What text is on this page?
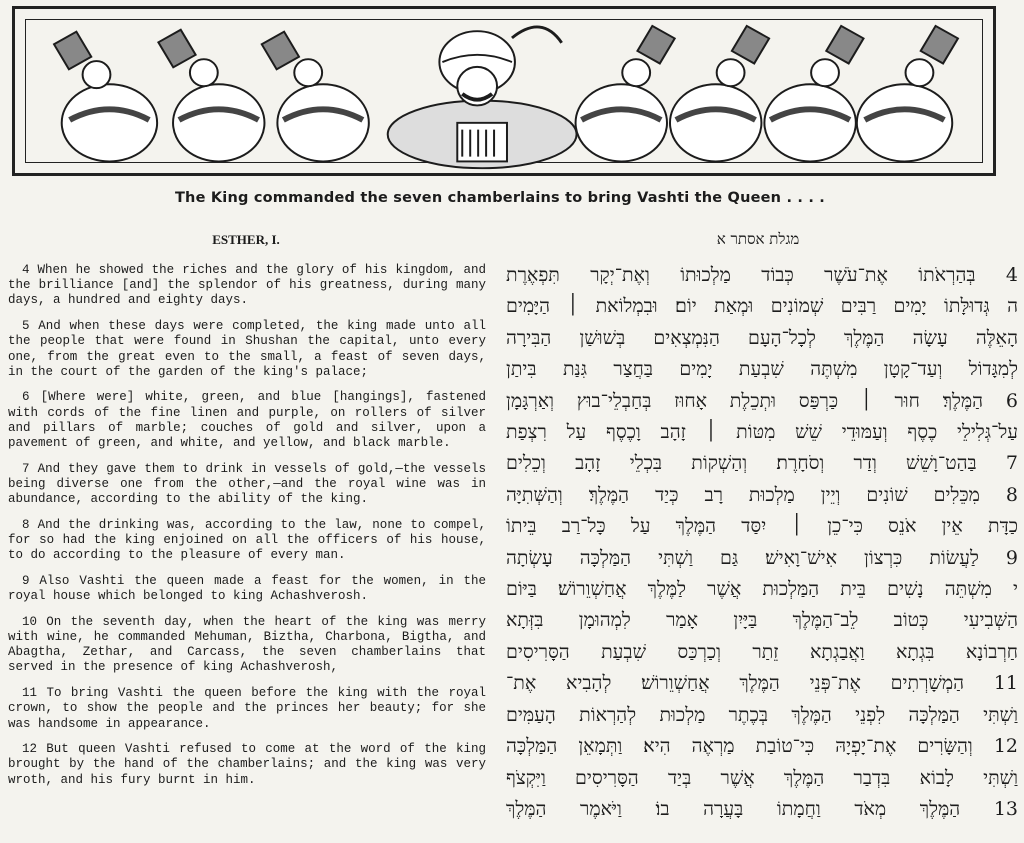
The King commanded the seven chamberlains to bring Vashti the Queen . . . .
ESTHER, I.	מגלת אסתר א

4 When he showed the riches and the glory of his kingdom, and the brilliance [and] the splendor of his greatness, during many days, a hundred and eighty days.

5 And when these days were completed, the king made unto all the people that were found in Shushan the capital, unto every one, from the great even to the small, a feast of seven days, in the court of the garden of the king's palace;

6 [Where were] white, green, and blue [hangings], fastened with cords of the fine linen and purple, on rollers of silver and pillars of marble; couches of gold and silver, upon a pavement of green, and white, and yellow, and black marble.

7 And they gave them to drink in vessels of gold,—the vessels being diverse one from the other,—and the royal wine was in abundance, according to the ability of the king.

8 And the drinking was, according to the law, none to compel, for so had the king enjoined on all the officers of his house, to do according to the pleasure of every man.

9 Also Vashti the queen made a feast for the women, in the royal house which belonged to king Achashverosh.

10 On the seventh day, when the heart of the king was merry with wine, he commanded Mehuman, Biztha, Charbona, Bigtha, and Abagtha, Zethar, and Carcass, the seven chamberlains that served in the presence of king Achashverosh,

11 To bring Vashti the queen before the king with the royal crown, to show the people and the princes her beauty; for she was handsome in appearance.

12 But queen Vashti refused to come at the word of the king brought by the hand of the chamberlains; and the king was very wroth, and his fury burnt in him.

4 בְּהַרְאֹתוֹ אֶת־עֹשֶׁר כְּבוֹד מַלְכוּתוֹ וְאֶת־יְקָר תִּפְאֶרֶת
ה גְּדוּלָּתוֹ יָמִים רַבִּים שְׁמוֹנִים וּמְאַת יוֹם׃ וּבִמְלוֹאת ׀ הַיָּמִים
הָאֵלֶּה עָשָׂה הַמֶּלֶךְ לְכָל־הָעָם הַנִּמְצְאִים בְּשׁוּשַׁן הַבִּירָה
לְמִגָּדוֹל וְעַד־קָטָן מִשְׁתֶּה שִׁבְעַת יָמִים בַּחֲצַר גִּנַּת בִּיתַן
6 הַמֶּלֶךְ׃ חוּר ׀ כַּרְפַּס וּתְכֵלֶת אָחוּז בְּחַבְלֵי־בוּץ וְאַרְגָּמָן
עַל־גְּלִילֵי כֶסֶף וְעַמּוּדֵי שֵׁשׁ מִטּוֹת ׀ זָהָב וָכֶסֶף עַל רִצְפַת
7 בַּהַט־וָשֵׁשׁ וְדַר וְסֹחָרֶת׃ וְהַשְׁקוֹת בִּכְלֵי זָהָב וְכֵלִים
8 מִכֵּלִים שׁוֹנִים וְיֵין מַלְכוּת רָב כְּיַד הַמֶּלֶךְ׃ וְהַשְּׁתִיָּה
כַדָּת אֵין אֹנֵס כִּי־כֵן ׀ יִסַּד הַמֶּלֶךְ עַל כָּל־רַב בֵּיתוֹ
9 לַעֲשׂוֹת כִּרְצוֹן אִישׁ־וָאִישׁ׃ גַּם וַשְׁתִּי הַמַּלְכָּה עָשְׂתָה
י מִשְׁתֵּה נָשִׁים בֵּית הַמַּלְכוּת אֲשֶׁר לַמֶּלֶךְ אֲחַשְׁוֵרוֹשׁ׃ בַּיּוֹם
הַשְּׁבִיעִי כְּטוֹב לֵב־הַמֶּלֶךְ בַּיָּיִן אָמַר לִמְהוּמָן בִּזְּתָא
חַרְבוֹנָא בִּגְתָא וַאֲבַגְתָא זֵתַר וְכַרְכַּס שִׁבְעַת הַסָּרִיסִים
11 הַמְשָׁרְתִים אֶת־פְּנֵי הַמֶּלֶךְ אֲחַשְׁוֵרוֹשׁ׃ לְהָבִיא אֶת־
וַשְׁתִּי הַמַּלְכָּה לִפְנֵי הַמֶּלֶךְ בְּכֶתֶר מַלְכוּת לְהַרְאוֹת הָעַמִּים
12 וְהַשָּׂרִים אֶת־יָפְיָהּ כִּי־טוֹבַת מַרְאֶה הִיא׃ וַתְּמָאֵן הַמַּלְכָּה
וַשְׁתִּי לָבוֹא בִּדְבַר הַמֶּלֶךְ אֲשֶׁר בְּיַד הַסָּרִיסִים וַיִּקְצֹף
13 הַמֶּלֶךְ מְאֹד וַחֲמָתוֹ בָּעֲרָה בוֹ׃ וַיֹּאמֶר הַמֶּלֶךְ
